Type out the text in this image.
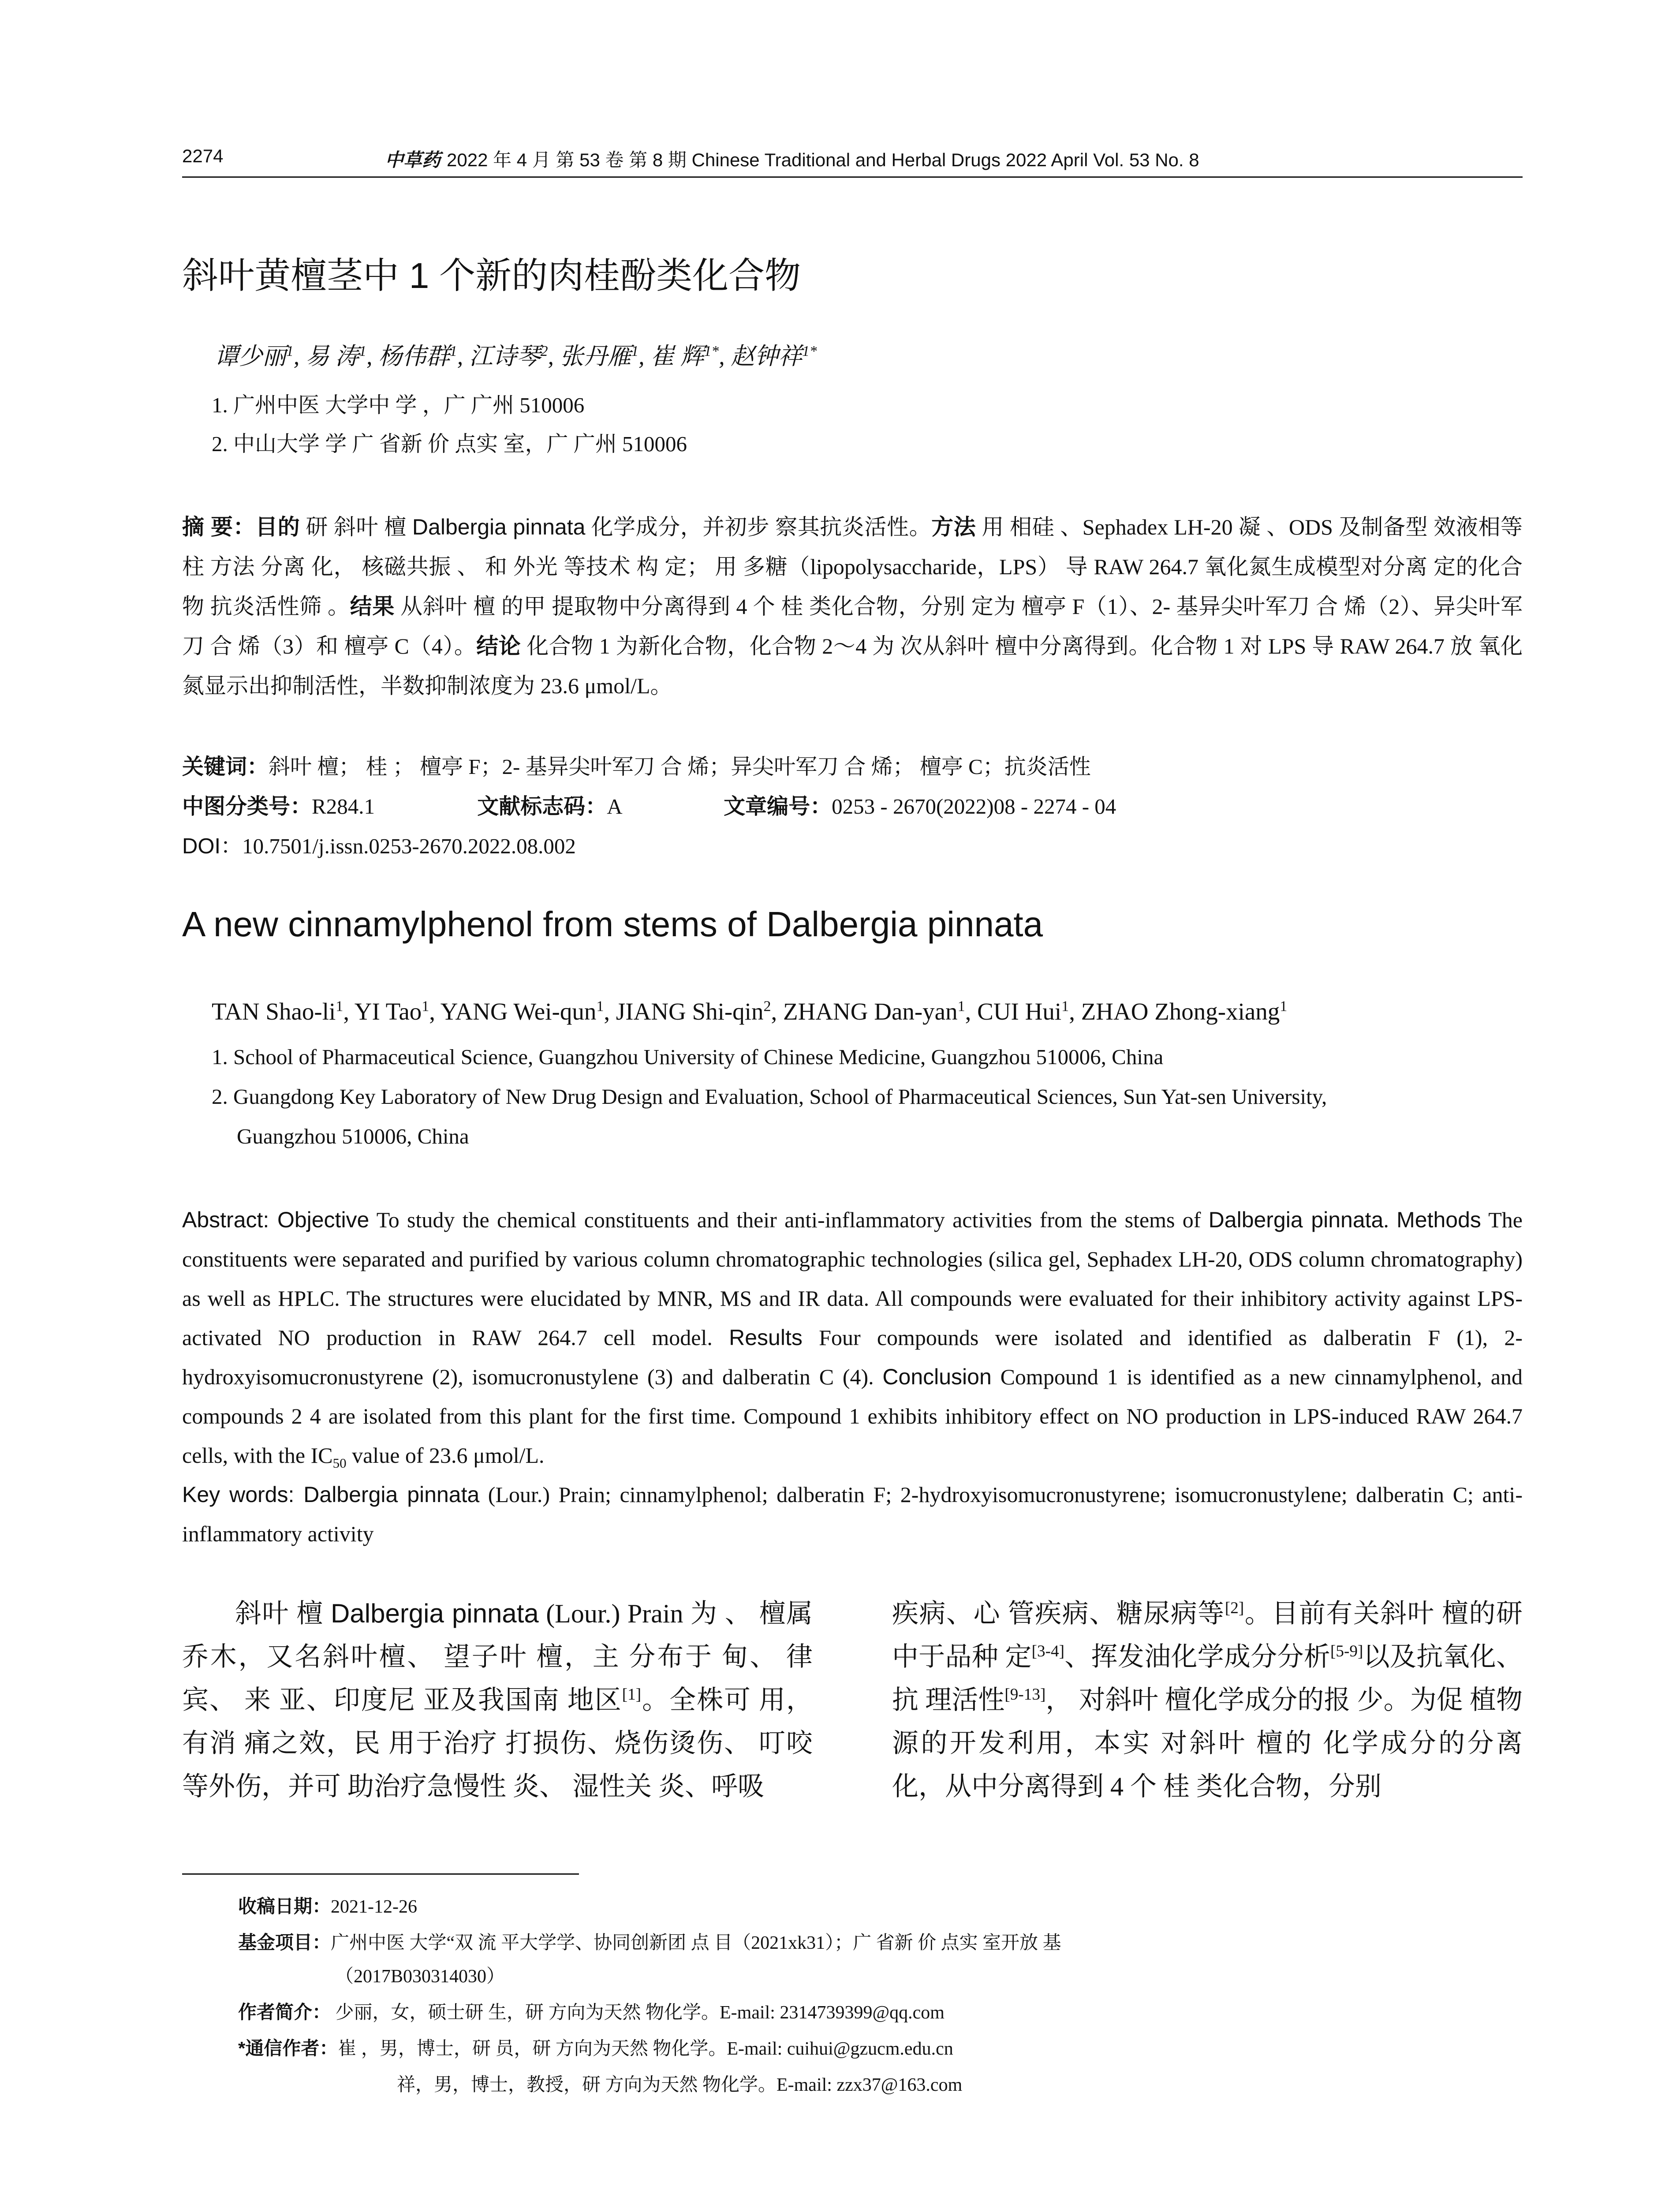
2274	中草药 2022 年 4 月 第 53 卷 第 8 期 Chinese Traditional and Herbal Drugs 2022 April Vol. 53 No. 8
斜叶黄檀茎中 1 个新的肉桂酚类化合物
谭少丽$^1$, 易 涛$^1$, 杨伟群$^1$, 江诗琴$^2$, 张丹雁$^1$, 崔 辉$^{1*}$, 赵钟祥$^{1*}$
1. 广州中医 大学中 学 ，广 广州 510006
2. 中山大学 学 广 省新 价 点实 室，广 广州 510006

摘 要：目的 研 斜叶 檀 Dalbergia pinnata 化学成分，并初步 察其抗炎活性。方法 用 相硅 、Sephadex LH-20 凝 、ODS 及制备型 效液相等柱 方法 分离 化， 核磁共振 、 和 外光 等技术 构 定； 用 多糖（lipopolysaccharide，LPS） 导 RAW 264.7 氧化氮生成模型对分离 定的化合物 抗炎活性筛 。结果 从斜叶 檀 的甲 提取物中分离得到 4 个 桂 类化合物，分别 定为 檀亭 F（1）、2- 基异尖叶军刀 合 烯（2）、异尖叶军刀 合 烯（3）和 檀亭 C（4）。结论 化合物 1 为新化合物，化合物 2～4 为 次从斜叶 檀中分离得到。化合物 1 对 LPS 导 RAW 264.7 放 氧化氮显示出抑制活性，半数抑制浓度为 23.6 μmol/L。

关键词：斜叶 檀； 桂 ； 檀亭 F；2- 基异尖叶军刀 合 烯；异尖叶军刀 合 烯； 檀亭 C；抗炎活性
中图分类号：R284.1	文献标志码：A	文章编号：0253 - 2670(2022)08 - 2274 - 04
DOI：10.7501/j.issn.0253-2670.2022.08.002
A new cinnamylphenol from stems of Dalbergia pinnata
TAN Shao-$li^1$, YI Tao$^1$, YANG Wei-qun$^1$, JIANG Shi-qin$^2$, ZHANG Dan-yan$^1$, CUI Hui$^1$, ZHAO Zhong-xiang$^1$
1. School of Pharmaceutical Science, Guangzhou University of Chinese Medicine, Guangzhou 510006, China
2. Guangdong Key Laboratory of New Drug Design and Evaluation, School of Pharmaceutical Sciences, Sun Yat-sen University,
Guangzhou 510006, China

Abstract: Objective To study the chemical constituents and their anti-inflammatory activities from the stems of Dalbergia pinnata. Methods The constituents were separated and purified by various column chromatographic technologies (silica gel, Sephadex LH-20, ODS column chromatography) as well as HPLC. The structures were elucidated by MNR, MS and IR data. All compounds were evaluated for their inhibitory activity against LPS-activated NO production in RAW 264.7 cell model. Results Four compounds were isolated and identified as dalberatin F (1), 2-hydroxyisomucronustyrene (2), isomucronustylene (3) and dalberatin C (4). Conclusion Compound 1 is identified as a new cinnamylphenol, and compounds 2 4 are isolated from this plant for the first time. Compound 1 exhibits inhibitory effect on NO production in LPS-induced RAW 264.7 cells, with the $IC_{50}$ value of 23.6 μmol/L.
Key words: Dalbergia pinnata (Lour.) Prain; cinnamylphenol; dalberatin F; 2-hydroxyisomucronustyrene; isomucronustylene; dalberatin C; anti-inflammatory activity

斜叶 檀 Dalbergia pinnata (Lour.) Prain 为 、 檀属乔木，又名斜叶檀、 望子叶 檀，主 分布于 甸、 律宾、 来 亚、印度尼 亚及我国南 地区[1]。全株可 用，有消 痛之效，民 用于治疗 打损伤、烧伤烫伤、 叮咬等外伤，并可 助治疗急慢性 炎、 湿性关 炎、呼吸

疾病、心 管疾病、糖尿病等[2]。目前有关斜叶 檀的研 中于品种 定[3-4]、挥发油化学成分分析[5-9]以及抗氧化、抗 理活性[9-13]， 对斜叶 檀化学成分的报 少。为促 植物 源的开发利用，本实 对斜叶 檀的 化学成分的分离 化，从中分离得到 4 个 桂 类化合物，分别

收稿日期：2021-12-26
基金项目：广州中医 大学“双 流 平大学学、协同创新团 点 目（2021xk31）；广 省新 价 点实 室开放 基
（2017B030314030）
作者简介： 少丽，女，硕士研 生，研 方向为天然 物化学。E-mail: 2314739399@qq.com
*通信作者：崔 ，男，博士，研 员，研 方向为天然 物化学。E-mail: cuihui@gzucm.edu.cn
祥，男，博士，教授，研 方向为天然 物化学。E-mail: zzx37@163.com
